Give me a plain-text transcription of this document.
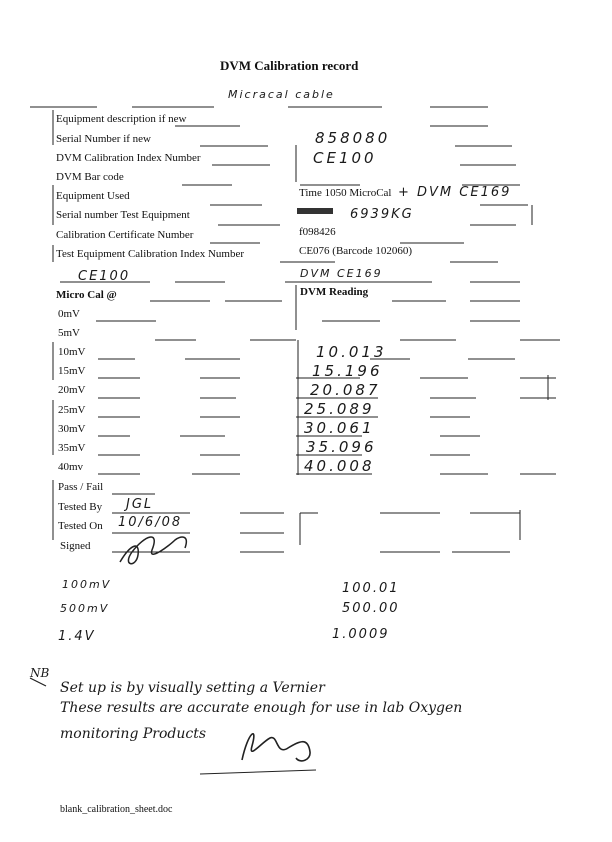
DVM Calibration record
Micracal cable
Equipment description if new
Serial Number if new	858080
DVM Calibration Index Number	CE100
DVM Bar code
Equipment Used	Time 1050 MicroCal + DVM CE169
Serial number Test Equipment	6939KG
Calibration Certificate Number	f098426
Test Equipment Calibration Index Number	CE076 (Barcode 102060)
CE100	DVM CE169
Micro Cal @	DVM Reading
0mV
5mV
10mV	10.013
15mV	15.196
20mV	20.087
25mV	25.089
30mV	30.061
35mV	35.096
40mv	40.008
Pass / Fail
Tested By JGL
Tested On 10/6/08
Signed
100mV	100.01
500mV	500.00
1.4V	1.0009
NB
Set up is by visually setting a Vernier
These results are accurate enough for use in lab Oxygen
monitoring Products
blank_calibration_sheet.doc
